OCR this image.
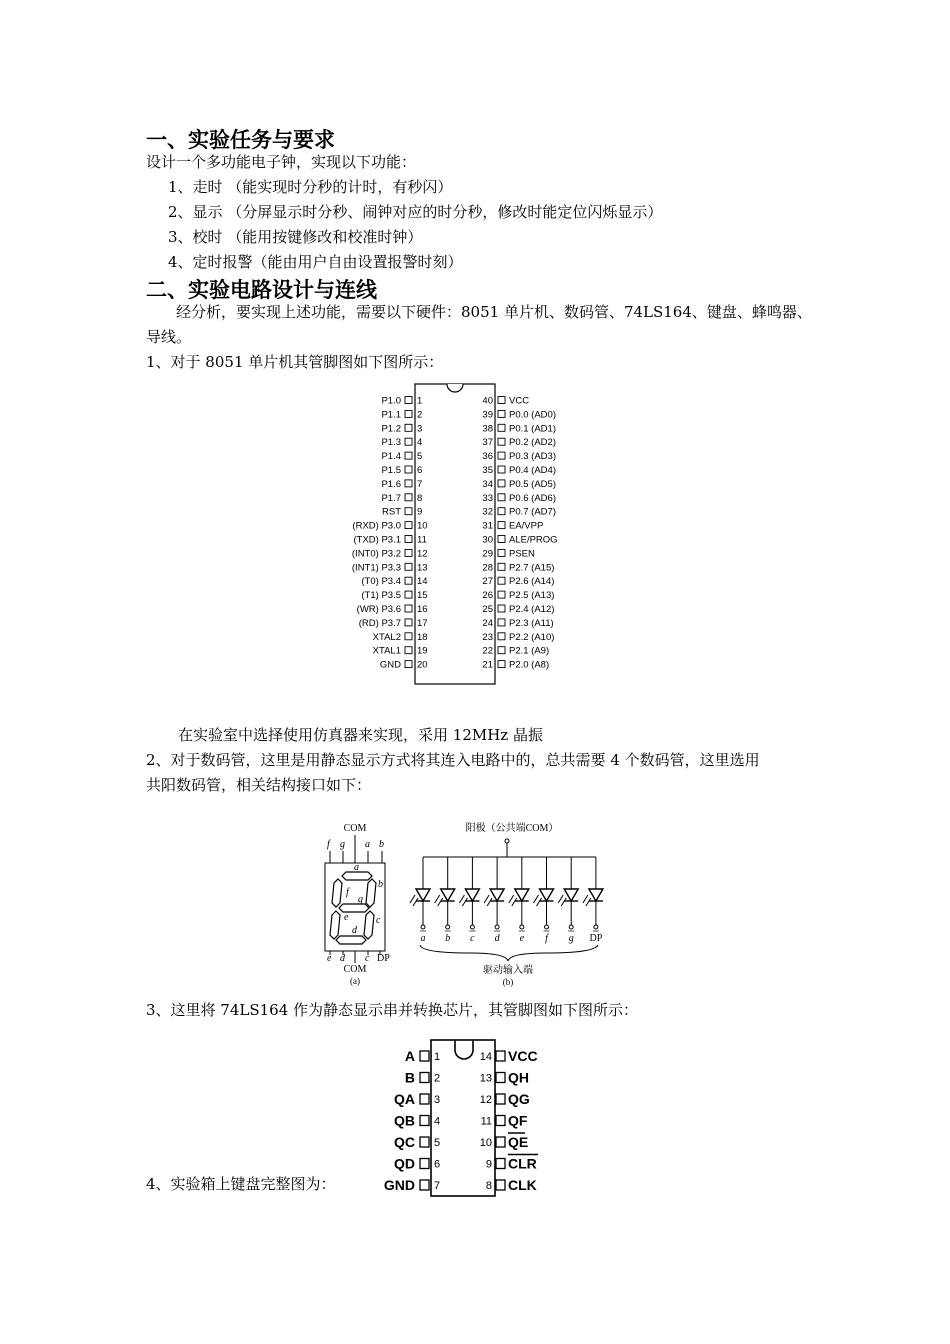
一、实验任务与要求
设计一个多功能电子钟，实现以下功能：
1、走时 （能实现时分秒的计时，有秒闪）
2、显示 （分屏显示时分秒、闹钟对应的时分秒，修改时能定位闪烁显示）
3、校时 （能用按键修改和校准时钟）
4、定时报警（能由用户自由设置报警时刻）
二、实验电路设计与连线
经分析，要实现上述功能，需要以下硬件：8051 单片机、数码管、74LS164、键盘、蜂鸣器、
导线。
1、对于 8051 单片机其管脚图如下图所示：
P1.0 1
P1.1 2
P1.2 3
P1.3 4
P1.4 5
P1.5 6
P1.6 7
P1.7 8
RST 9
(RXD) P3.0 10
(TXD) P3.1 11
(INT0) P3.2 12
(INT1) P3.3 13
(T0) P3.4 14
(T1) P3.5 15
(WR) P3.6 16
(RD) P3.7 17
XTAL2 18
XTAL1 19
GND 20
40 VCC
39 P0.0 (AD0)
38 P0.1 (AD1)
37 P0.2 (AD2)
36 P0.3 (AD3)
35 P0.4 (AD4)
34 P0.5 (AD5)
33 P0.6 (AD6)
32 P0.7 (AD7)
31 EA/VPP
30 ALE/PROG
29 PSEN
28 P2.7 (A15)
27 P2.6 (A14)
26 P2.5 (A13)
25 P2.4 (A12)
24 P2.3 (A11)
23 P2.2 (A10)
22 P2.1 (A9)
21 P2.0 (A8)
在实验室中选择使用仿真器来实现，采用 12MHz 晶振
2、对于数码管，这里是用静态显示方式将其连入电路中的，总共需要 4 个数码管，这里选用
共阳数码管，相关结构接口如下：
COM
f g a b
a
b
c
d
e
f
g
e d c DP
COM
(a)
阳极（公共端COM）
a b c d e f g DP
驱动输入端
(b)
3、这里将 74LS164 作为静态显示串并转换芯片，其管脚图如下图所示：
A 1
B 2
QA 3
QB 4
QC 5
QD 6
GND 7
14 VCC
13 QH
12 QG
11 QF
10 QE
9 CLR
8 CLK
4、实验箱上键盘完整图为：
